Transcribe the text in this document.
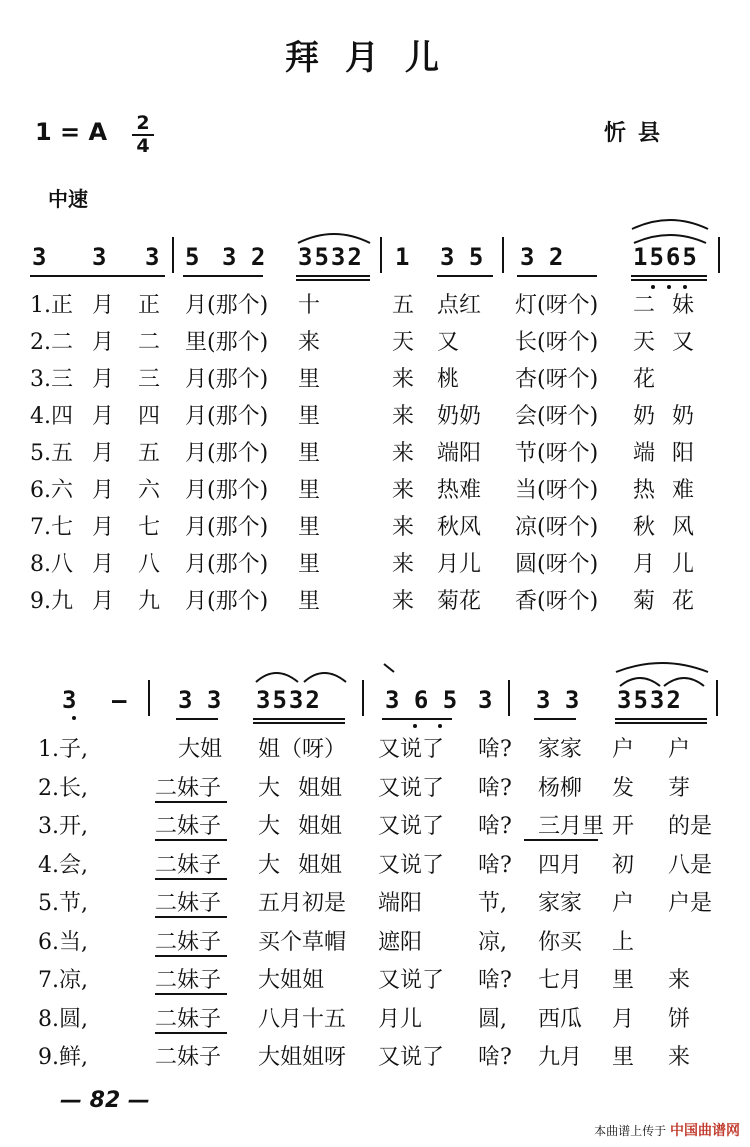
拜月儿
1 = A 2
4	忻县
中速
3 3 3 5 3 2 3532 1 3 5 3 2	1565
1.正 月 正 月(那个) 十	五 点红 灯(呀个) 二 妹
2.二 月 二 里(那个) 来	天 又	长(呀个) 天 又
3.三 月 三 月(那个) 里	来 桃	杏(呀个) 花
4.四 月 四 月(那个) 里	来 奶奶 会(呀个) 奶 奶
5.五 月 五 月(那个) 里	来 端阳 节(呀个) 端 阳
6.六 月 六 月(那个) 里	来 热难 当(呀个) 热 难
7.七 月 七 月(那个) 里	来 秋风 凉(呀个) 秋 风
8.八 月 八 月(那个) 里	来 月儿 圆(呀个) 月 儿
9.九 月 九 月(那个) 里	来 菊花 香(呀个) 菊 花
3 — 3 3 3532	3 6 5 3 3 3 3532
1.子,	大姐 姐（呀） 又说了 啥? 家家 户 户
2.长,	二妹子 大 姐姐 又说了 啥? 杨柳 发 芽
3.开,	二妹子 大 姐姐 又说了 啥? 三月里 开 的是
4.会,	二妹子 大 姐姐 又说了 啥? 四月 初 八是
5.节,	二妹子 五月初是 端阳	节, 家家 户 户是
6.当,	二妹子 买个草帽 遮阳	凉, 你买 上
7.凉,	二妹子 大姐姐 又说了 啥? 七月 里 来
8.圆,	二妹子 八月十五 月儿	圆, 西瓜 月 饼
9.鲜,	二妹子 大姐姐呀 又说了 啥? 九月 里 来
— 82 —
本曲谱上传于 中国曲谱网
